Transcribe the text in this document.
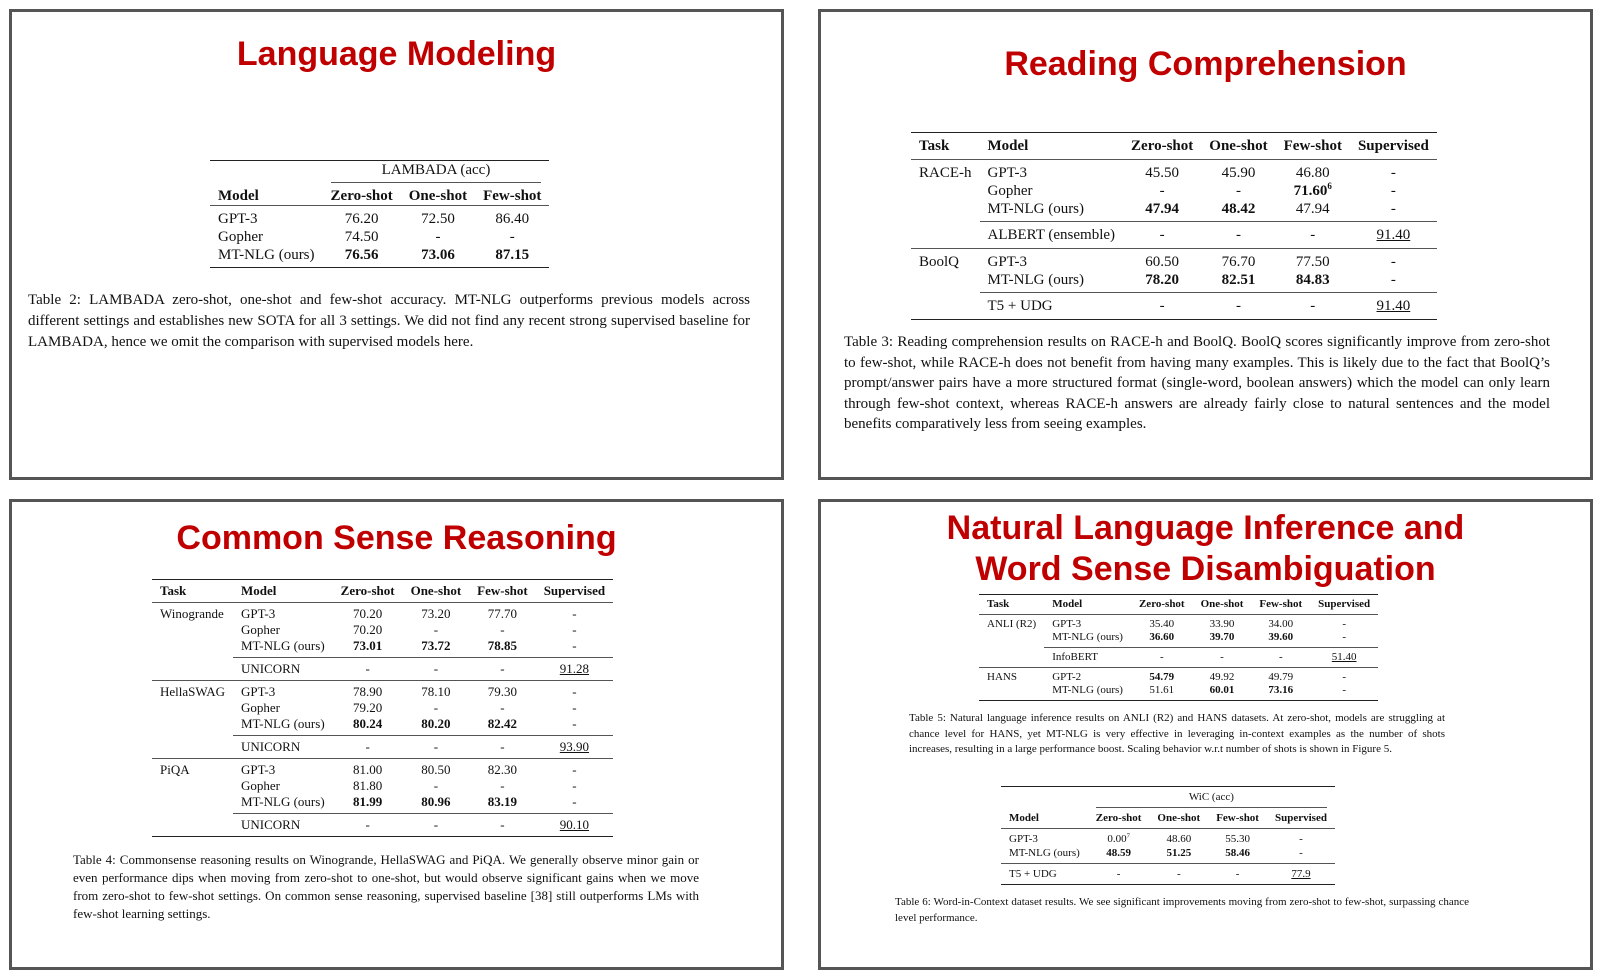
Language Modeling

	LAMBADA (acc)		

Model	Zero-shot	One-shot	Few-shot
GPT-3	76.20	72.50	86.40
Gopher	74.50	-	-
MT-NLG (ours)	76.56	73.06	87.15

Table 2: LAMBADA zero-shot, one-shot and few-shot accuracy. MT-NLG outperforms previous models across different settings and establishes new SOTA for all 3 settings. We did not find any recent strong supervised baseline for LAMBADA, hence we omit the comparison with supervised models here.

Reading Comprehension
Task	Model	Zero-shot	One-shot	Few-shot	Supervised
RACE-h	GPT-3	45.50	45.90	46.80	-
	Gopher	-	-	71.60$^6$	-
	MT-NLG (ours)	47.94	48.42	47.94	-
	ALBERT (ensemble)	-	-	-	91.40
BoolQ	GPT-3	60.50	76.70	77.50	-
	MT-NLG (ours)	78.20	82.51	84.83	-
	T5 + UDG	-	-	-	91.40

Table 3: Reading comprehension results on RACE-h and BoolQ. BoolQ scores significantly improve from zero-shot to few-shot, while RACE-h does not benefit from having many examples. This is likely due to the fact that BoolQ’s prompt/answer pairs have a more structured format (single-word, boolean answers) which the model can only learn through few-shot context, whereas RACE-h answers are already fairly close to natural sentences and the model benefits comparatively less from seeing examples.

Common Sense Reasoning
Task	Model	Zero-shot	One-shot	Few-shot	Supervised
Winogrande	GPT-3	70.20	73.20	77.70	-
	Gopher	70.20	-	-	-
	MT-NLG (ours)	73.01	73.72	78.85	-
	UNICORN	-	-	-	91.28
HellaSWAG	GPT-3	78.90	78.10	79.30	-
	Gopher	79.20	-	-	-
	MT-NLG (ours)	80.24	80.20	82.42	-
	UNICORN	-	-	-	93.90
PiQA	GPT-3	81.00	80.50	82.30	-
	Gopher	81.80	-	-	-
	MT-NLG (ours)	81.99	80.96	83.19	-
	UNICORN	-	-	-	90.10

Table 4: Commonsense reasoning results on Winogrande, HellaSWAG and PiQA. We generally observe minor gain or even performance dips when moving from zero-shot to one-shot, but would observe significant gains when we move from zero-shot to few-shot settings. On common sense reasoning, supervised baseline [38] still outperforms LMs with few-shot learning settings.

Natural Language Inference and
Word Sense Disambiguation
Task	Model	Zero-shot	One-shot	Few-shot	Supervised
ANLI (R2)	GPT-3	35.40	33.90	34.00	-
	MT-NLG (ours)	36.60	39.70	39.60	-
	InfoBERT	-	-	-	51.40
HANS	GPT-2	54.79	49.92	49.79	-
	MT-NLG (ours)	51.61	60.01	73.16	-

Table 5: Natural language inference results on ANLI (R2) and HANS datasets. At zero-shot, models are struggling at chance level for HANS, yet MT-NLG is very effective in leveraging in-context examples as the number of shots increases, resulting in a large performance boost. Scaling behavior w.r.t number of shots is shown in Figure 5.

	WiC (acc)			

Model	Zero-shot	One-shot	Few-shot	Supervised
GPT-3	0.00$^7$	48.60	55.30	-
MT-NLG (ours)	48.59	51.25	58.46	-
T5 + UDG	-	-	-	77.9

Table 6: Word-in-Context dataset results. We see significant improvements moving from zero-shot to few-shot, surpassing chance level performance.
